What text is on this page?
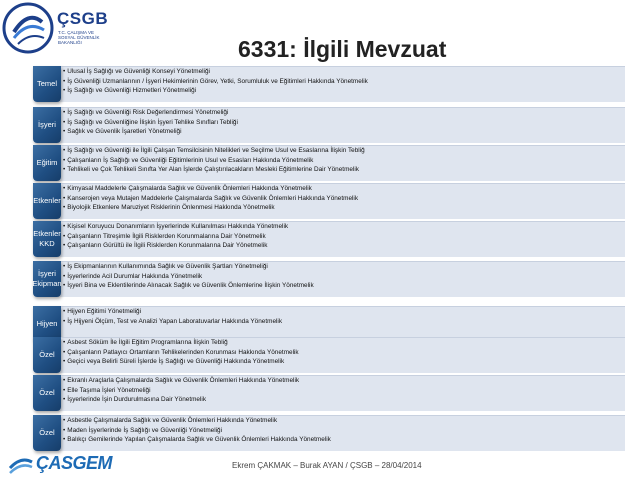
ÇSGB
T.C. ÇALIŞMA VE SOSYAL GÜVENLİK BAKANLIĞI	6331: İlgili Mevzuat
Temel
• Ulusal İş Sağlığı ve Güvenliği Konseyi Yönetmeliği
• İş Güvenliği Uzmanlarının / İşyeri Hekimlerinin Görev, Yetki, Sorumluluk ve Eğitimleri Hakkında Yönetmelik
• İş Sağlığı ve Güvenliği Hizmetleri Yönetmeliği
İşyeri
• İş Sağlığı ve Güvenliği Risk Değerlendirmesi Yönetmeliği
• İş Sağlığı ve Güvenliğine İlişkin İşyeri Tehlike Sınıfları Tebliği
• Sağlık ve Güvenlik İşaretleri Yönetmeliği
Eğitim
• İş Sağlığı ve Güvenliği ile İlgili Çalışan Temsilcisinin Nitelikleri ve Seçilme Usul ve Esaslarına İlişkin Tebliğ
• Çalışanların İş Sağlığı ve Güvenliği Eğitimlerinin Usul ve Esasları Hakkında Yönetmelik
• Tehlikeli ve Çok Tehlikeli Sınıfta Yer Alan İşlerde Çalıştırılacakların Mesleki Eğitimlerine Dair Yönetmelik
Etkenler
• Kimyasal Maddelerle Çalışmalarda Sağlık ve Güvenlik Önlemleri Hakkında Yönetmelik
• Kanserojen veya Mutajen Maddelerle Çalışmalarda Sağlık ve Güvenlik Önlemleri Hakkında Yönetmelik
• Biyolojik Etkenlere Maruziyet Risklerinin Önlenmesi Hakkında Yönetmelik
Etkenler KKD
• Kişisel Koruyucu Donanımların İşyerlerinde Kullanılması Hakkında Yönetmelik
• Çalışanların Titreşimle İlgili Risklerden Korunmalarına Dair Yönetmelik
• Çalışanların Gürültü ile İlgili Risklerden Korunmalarına Dair Yönetmelik
İşyeri Ekipman
• İş Ekipmanlarının Kullanımında Sağlık ve Güvenlik Şartları Yönetmeliği
• İşyerlerinde Acil Durumlar Hakkında Yönetmelik
• İşyeri Bina ve Eklentilerinde Alınacak Sağlık ve Güvenlik Önlemlerine İlişkin Yönetmelik
Hijyen
• Hijyen Eğitimi Yönetmeliği
• İş Hijyeni Ölçüm, Test ve Analizi Yapan Laboratuvarlar Hakkında Yönetmelik
Özel
• Asbest Söküm İle İlgili Eğitim Programlarına İlişkin Tebliğ
• Çalışanların Patlayıcı Ortamların Tehlikelerinden Korunması Hakkında Yönetmelik
• Geçici veya Belirli Süreli İşlerde İş Sağlığı ve Güvenliği Hakkında Yönetmelik
Özel
• Ekranlı Araçlarla Çalışmalarda Sağlık ve Güvenlik Önlemleri Hakkında Yönetmelik
• Elle Taşıma İşleri Yönetmeliği
• İşyerlerinde İşin Durdurulmasına Dair Yönetmelik
Özel
• Asbestle Çalışmalarda Sağlık ve Güvenlik Önlemleri Hakkında Yönetmelik
• Maden İşyerlerinde İş Sağlığı ve Güvenliği Yönetmeliği
• Balıkçı Gemilerinde Yapılan Çalışmalarda Sağlık ve Güvenlik Önlemleri Hakkında Yönetmelik
ÇASGEM	Ekrem ÇAKMAK – Burak AYAN / ÇSGB – 28/04/2014
